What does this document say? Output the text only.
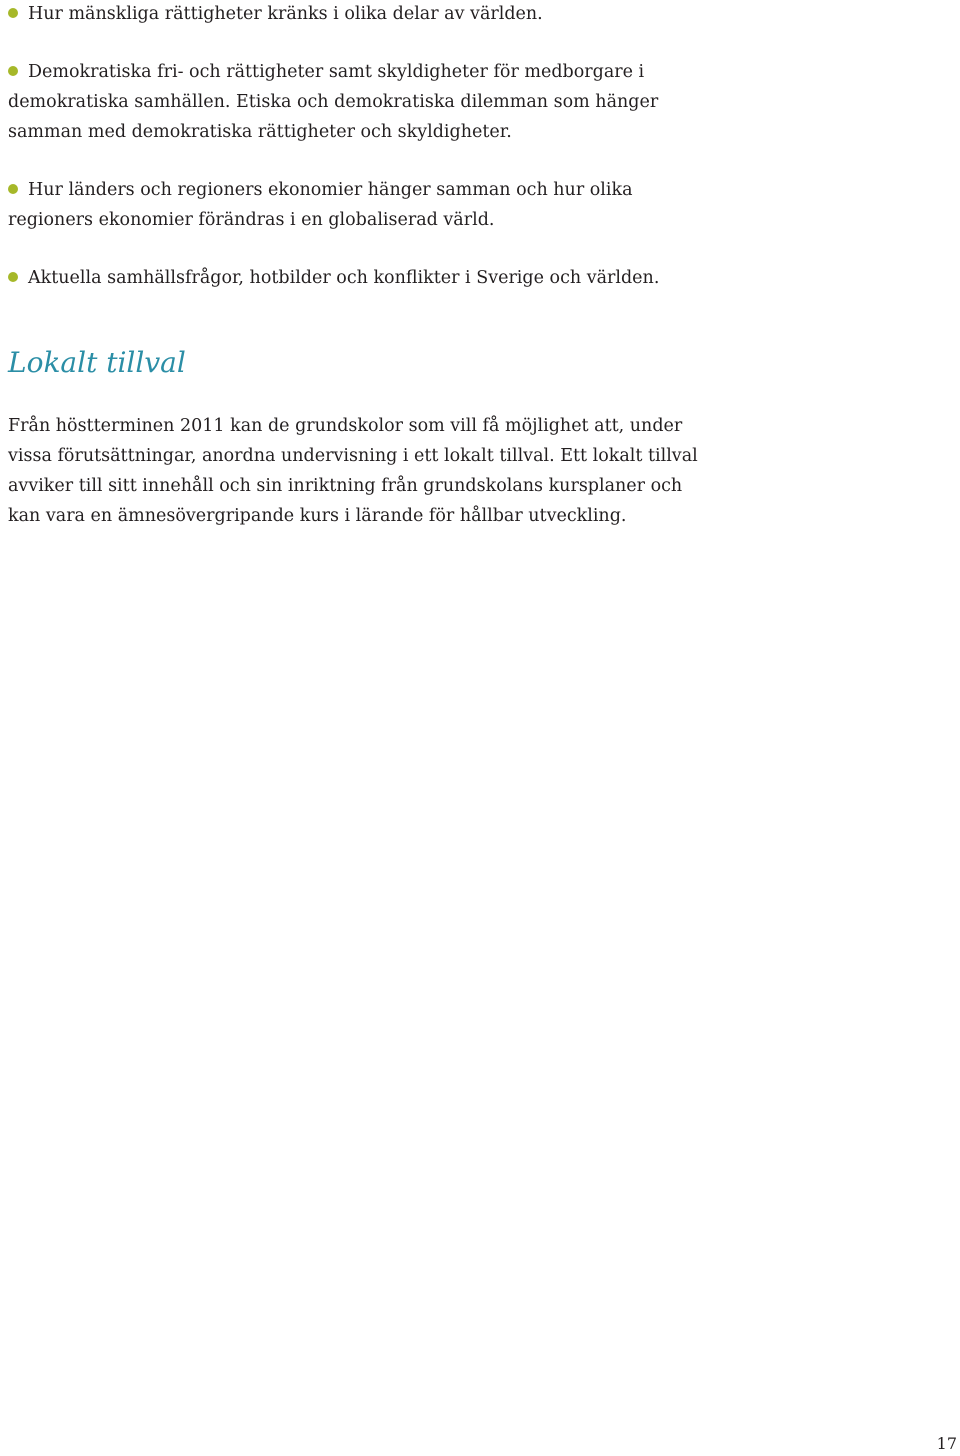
Hur mänskliga rättigheter kränks i olika delar av världen.
Demokratiska fri- och rättigheter samt skyldigheter för medborgare i demokratiska samhällen. Etiska och demokratiska dilemman som hänger samman med demokratiska rättigheter och skyldigheter.
Hur länders och regioners ekonomier hänger samman och hur olika regioners ekonomier förändras i en globaliserad värld.
Aktuella samhällsfrågor, hotbilder och konflikter i Sverige och världen.
Lokalt tillval

Från höstterminen 2011 kan de grundskolor som vill få möjlighet att, under vissa förutsättningar, anordna undervisning i ett lokalt tillval. Ett lokalt tillval avviker till sitt innehåll och sin inriktning från grundskolans kursplaner och kan vara en ämnesövergripande kurs i lärande för hållbar utveckling.

17
